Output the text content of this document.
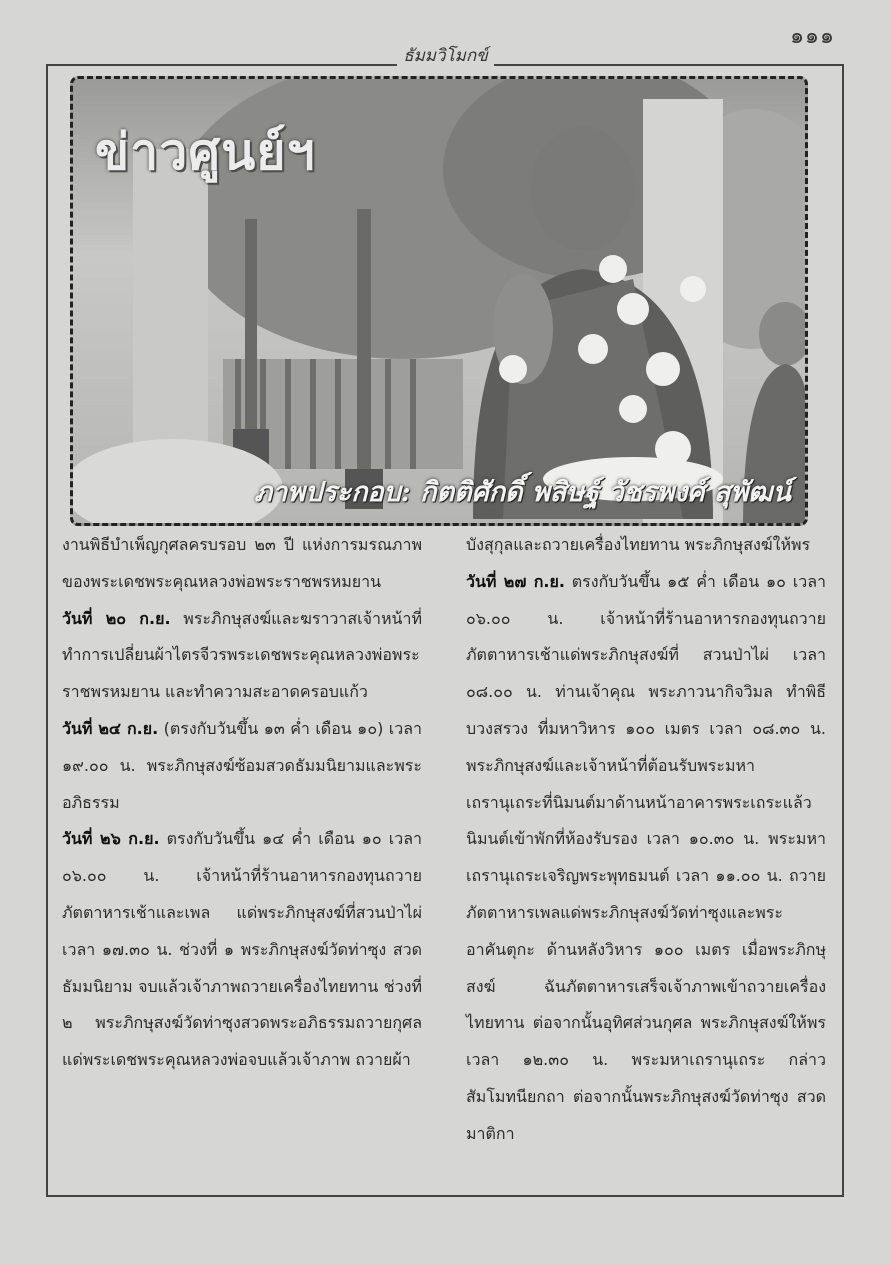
๑๑๑
ธัมมวิโมกข์
ข่าวศูนย์ฯ
ภาพประกอบ: กิตติศักดิ์ พสิษฐ์ วัชรพงศ์ สุพัฒน์

งานพิธีบำเพ็ญกุศลครบรอบ ๒๓ ปี แห่งการมรณภาพของพระเดชพระคุณหลวงพ่อพระราชพรหมยาน

วันที่ ๒๐ ก.ย. พระภิกษุสงฆ์และฆราวาสเจ้าหน้าที่ทำการเปลี่ยนผ้าไตรจีวรพระเดชพระคุณหลวงพ่อพระราชพรหมยาน และทำความสะอาดครอบแก้ว

วันที่ ๒๔ ก.ย. (ตรงกับวันขึ้น ๑๓ ค่ำ เดือน ๑๐) เวลา ๑๙.๐๐ น. พระภิกษุสงฆ์ซ้อมสวดธัมมนิยามและพระอภิธรรม

วันที่ ๒๖ ก.ย. ตรงกับวันขึ้น ๑๔ ค่ำ เดือน ๑๐ เวลา ๐๖.๐๐ น. เจ้าหน้าที่ร้านอาหารกองทุนถวายภัตตาหารเช้าและเพล แด่พระภิกษุสงฆ์ที่สวนป่าไผ่ เวลา ๑๗.๓๐ น. ช่วงที่ ๑ พระภิกษุสงฆ์วัดท่าซุง สวดธัมมนิยาม จบแล้วเจ้าภาพถวายเครื่องไทยทาน ช่วงที่ ๒ พระภิกษุสงฆ์วัดท่าซุงสวดพระอภิธรรมถวายกุศลแด่พระเดชพระคุณหลวงพ่อจบแล้วเจ้าภาพ ถวายผ้า

บังสุกุลและถวายเครื่องไทยทาน พระภิกษุสงฆ์ให้พร

วันที่ ๒๗ ก.ย. ตรงกับวันขึ้น ๑๕ ค่ำ เดือน ๑๐ เวลา ๐๖.๐๐ น. เจ้าหน้าที่ร้านอาหารกองทุนถวายภัตตาหารเช้าแด่พระภิกษุสงฆ์ที่ สวนป่าไผ่ เวลา ๐๘.๐๐ น. ท่านเจ้าคุณ พระภาวนากิจวิมล ทำพิธีบวงสรวง ที่มหาวิหาร ๑๐๐ เมตร เวลา ๐๘.๓๐ น. พระภิกษุสงฆ์และเจ้าหน้าที่ต้อนรับพระมหาเถรานุเถระที่นิมนต์มาด้านหน้าอาคารพระเถระแล้วนิมนต์เข้าพักที่ห้องรับรอง เวลา ๑๐.๓๐ น. พระมหาเถรานุเถระเจริญพระพุทธมนต์ เวลา ๑๑.๐๐ น. ถวายภัตตาหารเพลแด่พระภิกษุสงฆ์วัดท่าซุงและพระอาคันตุกะ ด้านหลังวิหาร ๑๐๐ เมตร เมื่อพระภิกษุสงฆ์ ฉันภัตตาหารเสร็จเจ้าภาพเข้าถวายเครื่องไทยทาน ต่อจากนั้นอุทิศส่วนกุศล พระภิกษุสงฆ์ให้พร เวลา ๑๒.๓๐ น. พระมหาเถรานุเถระ กล่าวสัมโมทนียกถา ต่อจากนั้นพระภิกษุสงฆ์วัดท่าซุง สวดมาติกา
